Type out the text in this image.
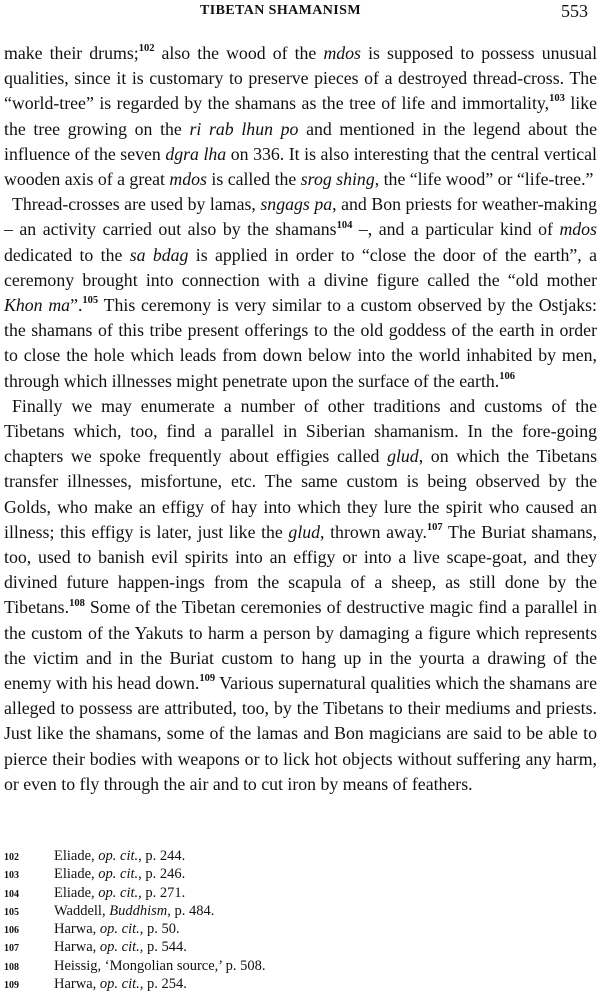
TIBETAN SHAMANISM	553

make their drums;$^{102}$ also the wood of the mdos is supposed to possess unusual qualities, since it is customary to preserve pieces of a destroyed thread-cross. The “world-tree” is regarded by the shamans as the tree of life and immortality,$^{103}$ like the tree growing on the ri rab lhun po and mentioned in the legend about the influence of the seven dgra lha on 336. It is also interesting that the central vertical wooden axis of a great mdos is called the srog shing, the “life wood” or “life-tree.”

Thread-crosses are used by lamas, sngags pa, and Bon priests for weather-making – an activity carried out also by the shamans$^{104}$ –, and a particular kind of mdos dedicated to the sa bdag is applied in order to “close the door of the earth”, a ceremony brought into connection with a divine figure called the “old mother Khon ma”.$^{105}$ This ceremony is very similar to a custom observed by the Ostjaks: the shamans of this tribe present offerings to the old goddess of the earth in order to close the hole which leads from down below into the world inhabited by men, through which illnesses might penetrate upon the surface of the earth.$^{106}$

Finally we may enumerate a number of other traditions and customs of the Tibetans which, too, find a parallel in Siberian shamanism. In the fore-going chapters we spoke frequently about effigies called glud, on which the Tibetans transfer illnesses, misfortune, etc. The same custom is being observed by the Golds, who make an effigy of hay into which they lure the spirit who caused an illness; this effigy is later, just like the glud, thrown away.$^{107}$ The Buriat shamans, too, used to banish evil spirits into an effigy or into a live scape-goat, and they divined future happen-ings from the scapula of a sheep, as still done by the Tibetans.$^{108}$ Some of the Tibetan ceremonies of destructive magic find a parallel in the custom of the Yakuts to harm a person by damaging a figure which represents the victim and in the Buriat custom to hang up in the yourta a drawing of the enemy with his head down.$^{109}$ Various supernatural qualities which the shamans are alleged to possess are attributed, too, by the Tibetans to their mediums and priests. Just like the shamans, some of the lamas and Bon magicians are said to be able to pierce their bodies with weapons or to lick hot objects without suffering any harm, or even to fly through the air and to cut iron by means of feathers.

102	Eliade, op. cit., p. 244.
103	Eliade, op. cit., p. 246.
104	Eliade, op. cit., p. 271.
105	Waddell, Buddhism, p. 484.
106	Harwa, op. cit., p. 50.
107	Harwa, op. cit., p. 544.
108	Heissig, ‘Mongolian source,’ p. 508.
109	Harwa, op. cit., p. 254.
